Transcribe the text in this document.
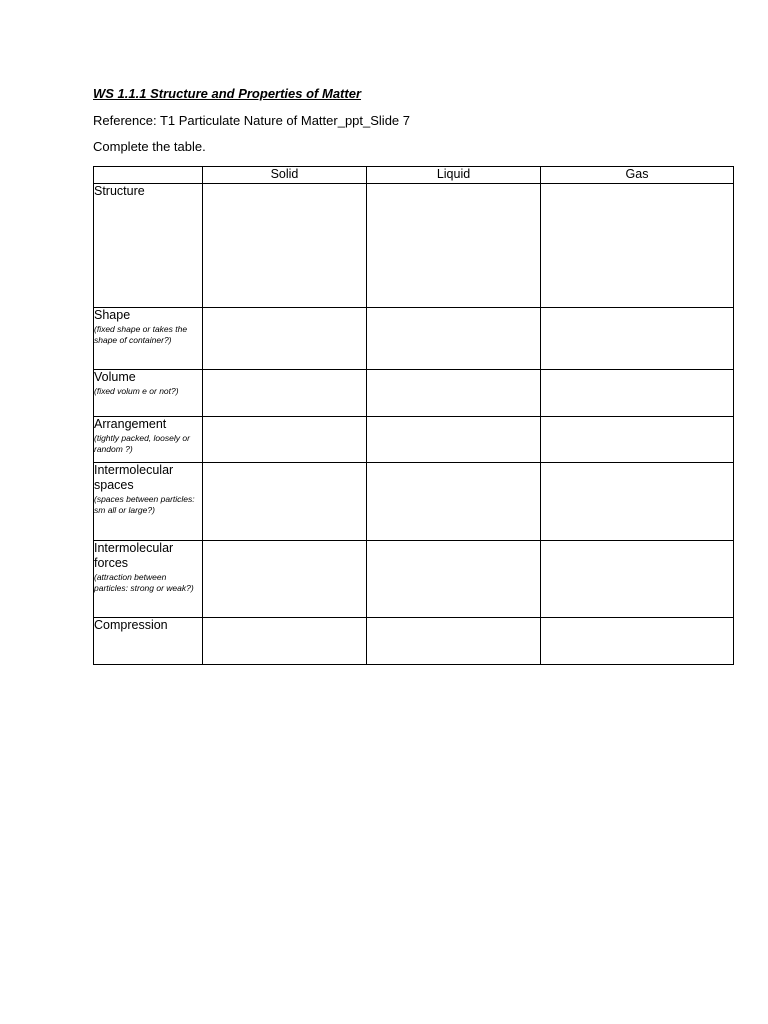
WS 1.1.1 Structure and Properties of Matter
Reference: T1 Particulate Nature of Matter_ppt_Slide 7
Complete the table.
	Solid	Liquid	Gas

Structure			

Shape
(fixed shape or takes the shape of container?)			

Volume
(fixed volum e or not?)			

Arrangement
(tightly packed, loosely or random ?)			

Intermolecular spaces
(spaces between particles: sm all or large?)			

Intermolecular forces
(attraction between particles: strong or weak?)			

Compression			
